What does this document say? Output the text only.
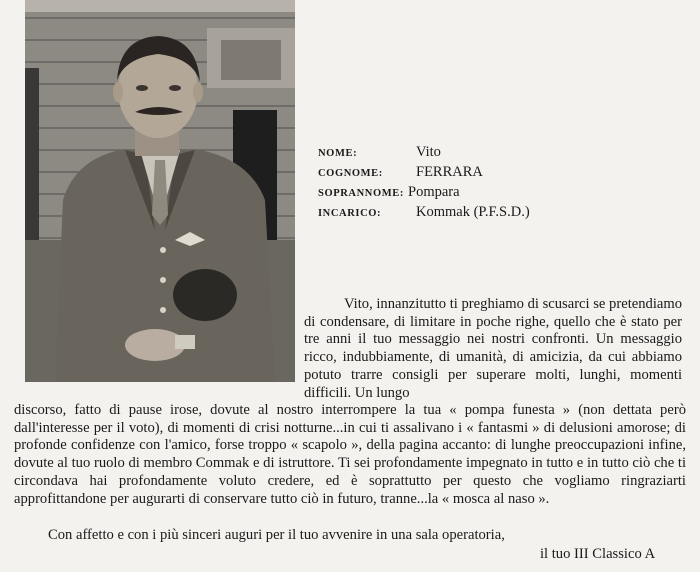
NOME:	Vito
COGNOME:	FERRARA
SOPRANNOME: Pompara
INCARICO:	Kommak (P.F.S.D.)
Vito, innanzitutto ti preghiamo di scusarci se pretendiamo di condensare, di limitare in poche righe, quello che è stato per tre anni il tuo messaggio nei nostri confronti. Un messaggio ricco, indubbiamente, di umanità, di amicizia, da cui abbiamo potuto trarre consigli per superare molti, lunghi, momenti difficili. Un lungo
discorso, fatto di pause irose, dovute al nostro interrompere la tua « pompa funesta » (non dettata però dall'interesse per il voto), di momenti di crisi notturne...in cui ti assalivano i « fantasmi » di delusioni amorose; di profonde confidenze con l'amico, forse troppo « scapolo », della pagina accanto: di lunghe preoccupazioni infine, dovute al tuo ruolo di membro Commak e di istruttore. Ti sei profondamente impegnato in tutto e in tutto ciò che ti circondava hai profondamente voluto credere, ed è soprattutto per questo che vogliamo ringraziarti approfittandone per augurarti di conservare tutto ciò in futuro, tranne...la « mosca al naso ».
Con affetto e con i più sinceri auguri per il tuo avvenire in una sala operatoria,
il tuo III Classico A
